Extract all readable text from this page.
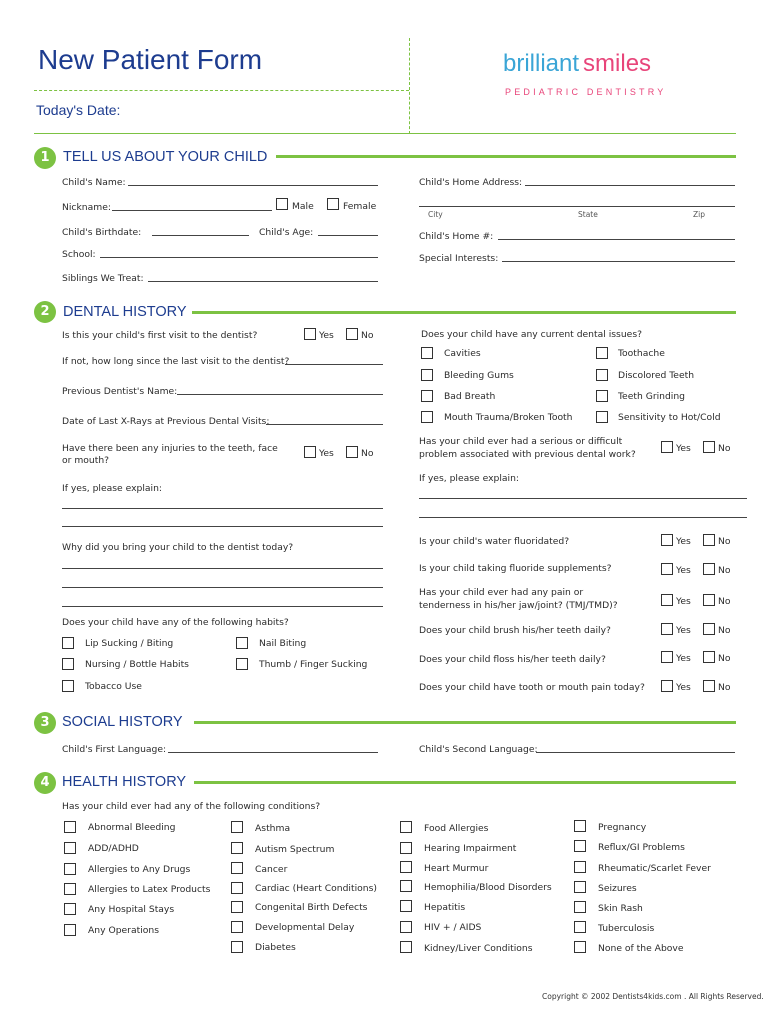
New Patient Form
Today's Date:
brilliant smiles
PEDIATRIC DENTISTRY
1 TELL US ABOUT YOUR CHILD
Child's Name:
Nickname:	Male	Female
Child's Birthdate:	Child's Age:
School:
Siblings We Treat:
Child's Home Address:
City	State	Zip
Child's Home #:
Special Interests:
2 DENTAL HISTORY
Is this your child's first visit to the dentist?	Yes	No
If not, how long since the last visit to the dentist?
Previous Dentist's Name:
Date of Last X-Rays at Previous Dental Visits:
Have there been any injuries to the teeth, face
or mouth?
Yes	No
If yes, please explain:
Why did you bring your child to the dentist today?
Does your child have any of the following habits?
Lip Sucking / Biting	Nail Biting
Nursing / Bottle Habits	Thumb / Finger Sucking
Tobacco Use
Does your child have any current dental issues?
Cavities	Toothache
Bleeding Gums	Discolored Teeth
Bad Breath	Teeth Grinding
Mouth Trauma/Broken Tooth	Sensitivity to Hot/Cold
Has your child ever had a serious or difficult
problem associated with previous dental work?
Yes	No
If yes, please explain:
Is your child's water fluoridated?	Yes	No
Is your child taking fluoride supplements?	Yes	No
Has your child ever had any pain or
tenderness in his/her jaw/joint? (TMJ/TMD)?	Yes	No
Does your child brush his/her teeth daily?	Yes	No
Does your child floss his/her teeth daily?	Yes	No
Does your child have tooth or mouth pain today?	Yes	No
3 SOCIAL HISTORY
Child's First Language:	Child's Second Language:
4 HEALTH HISTORY
Has your child ever had any of the following conditions?
Abnormal Bleeding
ADD/ADHD
Allergies to Any Drugs
Allergies to Latex Products
Any Hospital Stays
Any Operations
Asthma
Autism Spectrum
Cancer
Cardiac (Heart Conditions)
Congenital Birth Defects
Developmental Delay
Diabetes
Food Allergies
Hearing Impairment
Heart Murmur
Hemophilia/Blood Disorders
Hepatitis
HIV + / AIDS
Kidney/Liver Conditions
Pregnancy
Reflux/GI Problems
Rheumatic/Scarlet Fever
Seizures
Skin Rash
Tuberculosis
None of the Above
Copyright © 2002 Dentists4kids.com . All Rights Reserved.
